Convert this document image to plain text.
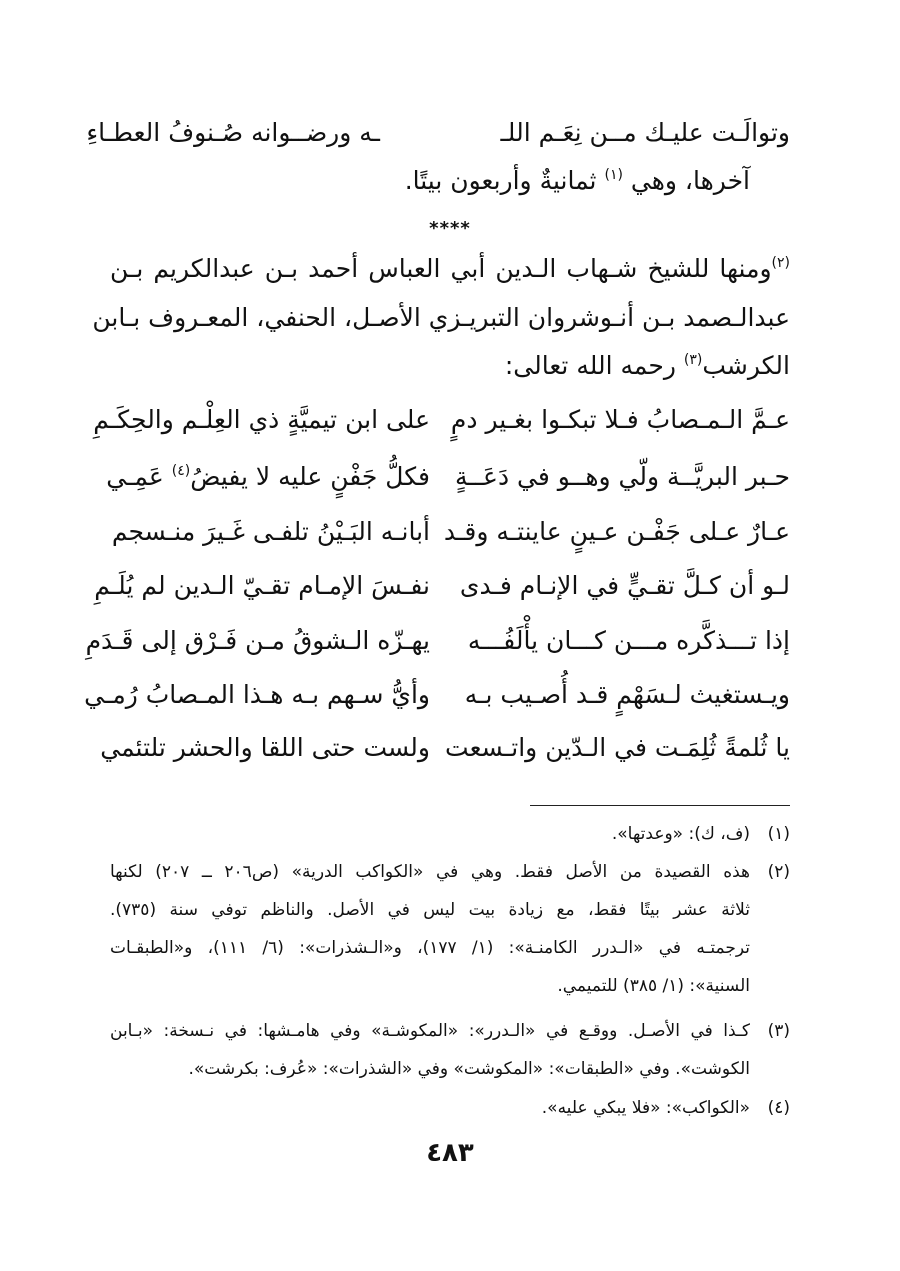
وتوالَـت عليـك مــن نِعَـم اللـ
ـه ورضــوانه صُـنوفُ العطـاءِ
آخرها، وهي $^{(١)}$ ثمانيةٌ وأربعون بيتًا.
****
$^{(٢)}$ومنها للشيخ شـهاب الـدين أبي العباس أحمد بـن عبدالكريم بـن
عبدالـصمد بـن أنـوشروان التبريـزي الأصـل، الحنفي، المعـروف بـابن
الكرشب$^{(٣)}$ رحمه الله تعالى:
عـمَّ الـمـصابُ فـلا تبكـوا بغـير دمٍ
على ابن تيميَّةٍ ذي العِلْـم والحِكَـمِ
حـبر البريَّــة ولّي وهــو في دَعَــةٍ
فكلُّ جَفْنٍ عليه لا يفيضُ$^{(٤)}$ عَمِـي
عـارٌ عـلى جَفْـن عـينٍ عاينتـه وقـد
أبانـه البَـيْنُ تلفـى غَـيرَ منـسجم
لـو أن كـلَّ تقـيٍّ في الإنـام فـدى
نفـسَ الإمـام تقـيّ الـدين لم يُلَـمِ
إذا تـــذكَّره مـــن كـــان يأْلَفُـــه
يهـزّه الـشوقُ مـن فَـرْق إلى قَـدَمِ
ويـستغيث لـسَهْمٍ قـد أُصـيب بـه
وأيُّ سـهم بـه هـذا المـصابُ رُمـي
يا ثُلمةً ثُلِمَـت في الـدّين واتـسعت
ولست حتى اللقا والحشر تلتئمي
(١)
(ف، ك): «وعدتها».
(٢)
هذه القصيدة من الأصل فقط. وهي في «الكواكب الدرية» (ص٢٠٦ ــ ٢٠٧) لكنها
ثلاثة عشر بيتًا فقط، مع زيادة بيت ليس في الأصل. والناظم توفي سنة (٧٣٥).
ترجمتـه في «الـدرر الكامنـة»: (١/ ١٧٧)، و«الـشذرات»: (٦/ ١١١)، و«الطبقـات
السنية»: (١/ ٣٨٥) للتميمي.
(٣)
كـذا في الأصـل. ووقـع في «الـدرر»: «المكوشـة» وفي هامـشها: في نـسخة: «بـابن
الكوشت». وفي «الطبقات»: «المكوشت» وفي «الشذرات»: «عُرف: بكرشت».
(٤)
«الكواكب»: «فلا يبكي عليه».
٤٨٣
